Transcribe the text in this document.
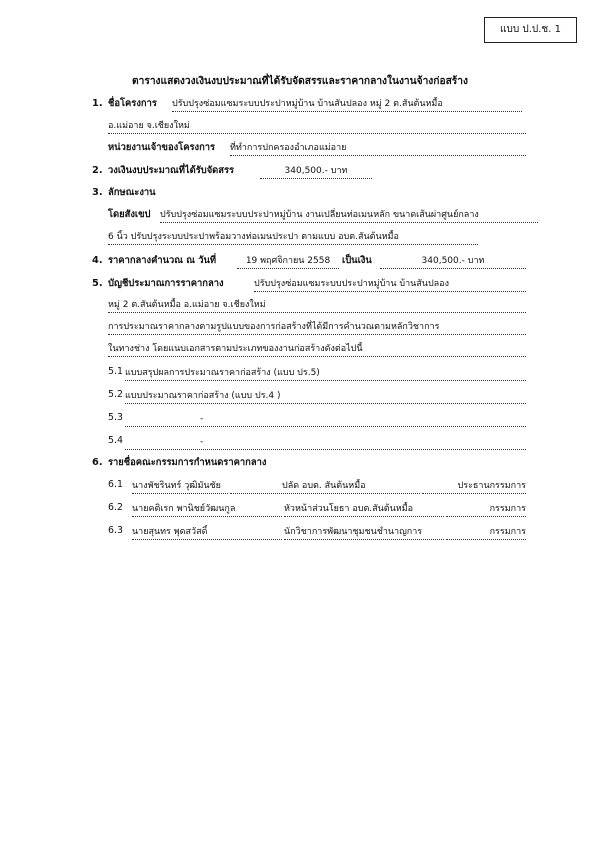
แบบ ป.ป.ช. 1
ตารางแสดงวงเงินงบประมาณที่ได้รับจัดสรรและราคากลางในงานจ้างก่อสร้าง
1. ชื่อโครงการ ปรับปรุงซ่อมแซมระบบประปาหมู่บ้าน บ้านสันปลอง หมู่ 2 ต.สันต้นหมื้อ
อ.แม่อาย จ.เชียงใหม่
หน่วยงานเจ้าของโครงการ ที่ทำการปกครองอำเภอแม่อาย
2. วงเงินงบประมาณที่ได้รับจัดสรร	340,500.- บาท
3. ลักษณะงาน
โดยสังเขป ปรับปรุงซ่อมแซมระบบประปาหมู่บ้าน งานเปลี่ยนท่อเมนหลัก ขนาดเส้นผ่าศูนย์กลาง
6 นิ้ว ปรับปรุงระบบประปาพร้อมวางท่อเมนประปา ตามแบบ อบต.สันต้นหมื้อ
4. ราคากลางคำนวณ ณ วันที่	19 พฤศจิกายน 2558	เป็นเงิน	340,500.- บาท
5. บัญชีประมาณการราคากลาง	ปรับปรุงซ่อมแซมระบบประปาหมู่บ้าน บ้านสันปลอง
หมู่ 2 ต.สันต้นหมื้อ อ.แม่อาย จ.เชียงใหม่
การประมาณราคากลางตามรูปแบบของการก่อสร้างที่ได้มีการคำนวณตามหลักวิชาการ
ในทางช่าง โดยแนบเอกสารตามประเภทของงานก่อสร้างดังต่อไปนี้
5.1 แบบสรุปผลการประมาณราคาก่อสร้าง (แบบ ปร.5)
5.2 แบบประมาณราคาก่อสร้าง (แบบ ปร.4 )
5.3	-
5.4	-
6. รายชื่อคณะกรรมการกำหนดราคากลาง
6.1 นางพัชรินทร์ วุฒิมันชัย	ปลัด อบต. สันต้นหมื้อ	ประธานกรรมการ
6.2 นายคติเรก พานิชย์วัฒนกูล	หัวหน้าส่วนโยธา อบต.สันต้นหมื้อ	กรรมการ
6.3 นายสุนทร พุดสวัสดิ์	นักวิชาการพัฒนาชุมชนชำนาญการ	กรรมการ
